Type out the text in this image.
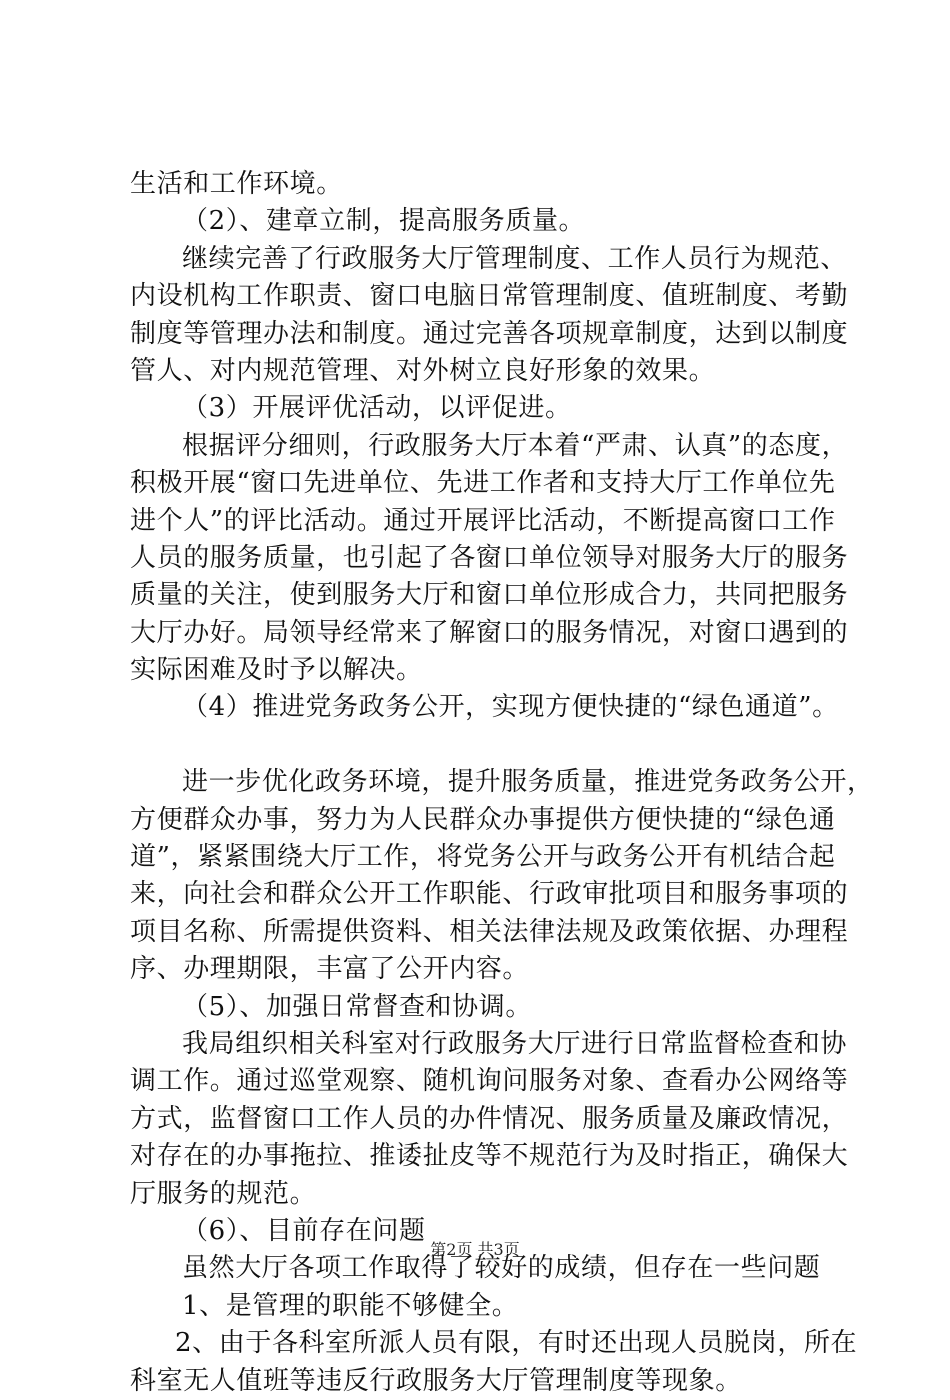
生活和工作环境。
（2）、建章立制，提高服务质量。
继续完善了行政服务大厅管理制度、工作人员行为规范、
内设机构工作职责、窗口电脑日常管理制度、值班制度、考勤
制度等管理办法和制度。通过完善各项规章制度，达到以制度
管人、对内规范管理、对外树立良好形象的效果。
（3）开展评优活动，以评促进。
根据评分细则，行政服务大厅本着“严肃、认真”的态度，
积极开展“窗口先进单位、先进工作者和支持大厅工作单位先
进个人”的评比活动。通过开展评比活动，不断提高窗口工作
人员的服务质量，也引起了各窗口单位领导对服务大厅的服务
质量的关注，使到服务大厅和窗口单位形成合力，共同把服务
大厅办好。局领导经常来了解窗口的服务情况，对窗口遇到的
实际困难及时予以解决。
（4）推进党务政务公开，实现方便快捷的“绿色通道”。
进一步优化政务环境，提升服务质量，推进党务政务公开，
方便群众办事，努力为人民群众办事提供方便快捷的“绿色通
道”，紧紧围绕大厅工作，将党务公开与政务公开有机结合起
来，向社会和群众公开工作职能、行政审批项目和服务事项的
项目名称、所需提供资料、相关法律法规及政策依据、办理程
序、办理期限，丰富了公开内容。
（5）、加强日常督查和协调。
我局组织相关科室对行政服务大厅进行日常监督检查和协
调工作。通过巡堂观察、随机询问服务对象、查看办公网络等
方式，监督窗口工作人员的办件情况、服务质量及廉政情况，
对存在的办事拖拉、推诿扯皮等不规范行为及时指正，确保大
厅服务的规范。
（6）、目前存在问题
虽然大厅各项工作取得了较好的成绩，但存在一些问题
1、是管理的职能不够健全。
2、由于各科室所派人员有限，有时还出现人员脱岗，所在
科室无人值班等违反行政服务大厅管理制度等现象。
第2页 共3页
